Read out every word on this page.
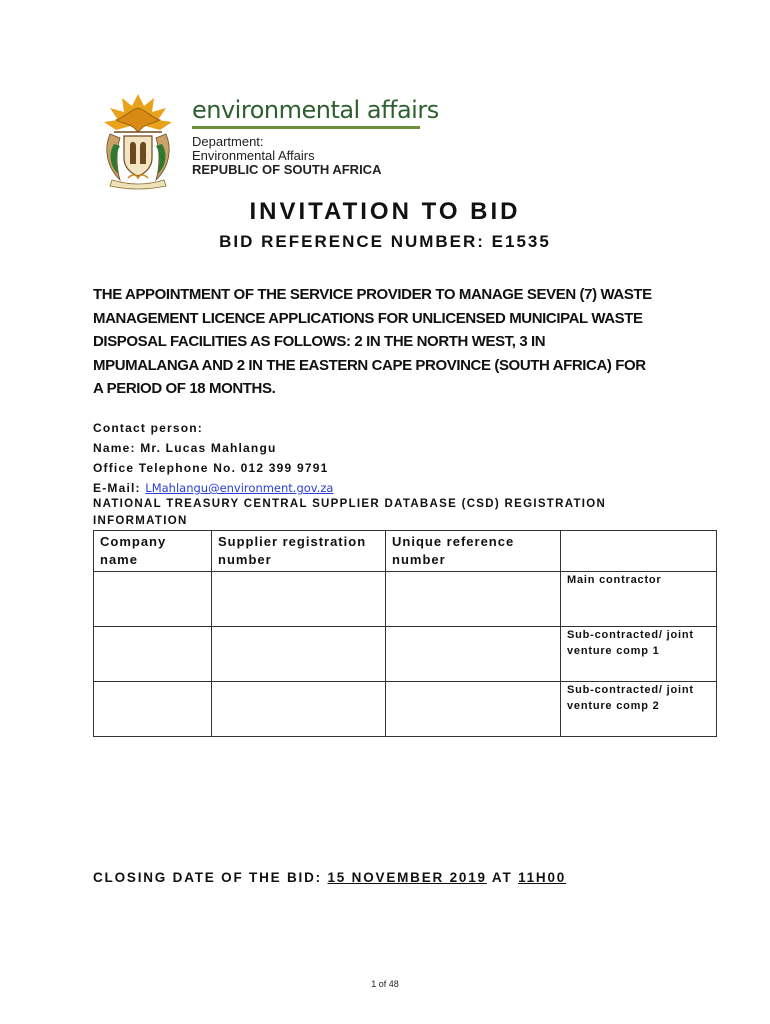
environmental affairs
Department:
Environmental Affairs
REPUBLIC OF SOUTH AFRICA
INVITATION TO BID
BID REFERENCE NUMBER: E1535
THE APPOINTMENT OF THE SERVICE PROVIDER TO MANAGE SEVEN (7) WASTE
MANAGEMENT LICENCE APPLICATIONS FOR UNLICENSED MUNICIPAL WASTE
DISPOSAL FACILITIES AS FOLLOWS: 2 IN THE NORTH WEST, 3 IN
MPUMALANGA AND 2 IN THE EASTERN CAPE PROVINCE (SOUTH AFRICA) FOR
A PERIOD OF 18 MONTHS.
Contact person:
Name: Mr. Lucas Mahlangu
Office Telephone No. 012 399 9791
E-Mail: LMahlangu@environment.gov.za
NATIONAL TREASURY CENTRAL SUPPLIER DATABASE (CSD) REGISTRATION INFORMATION
Company name	Supplier registration number	Unique reference number	
			Main contractor
			Sub-contracted/ joint venture comp 1
			Sub-contracted/ joint venture comp 2
CLOSING DATE OF THE BID: 15 NOVEMBER 2019 AT 11H00
1 of 48
